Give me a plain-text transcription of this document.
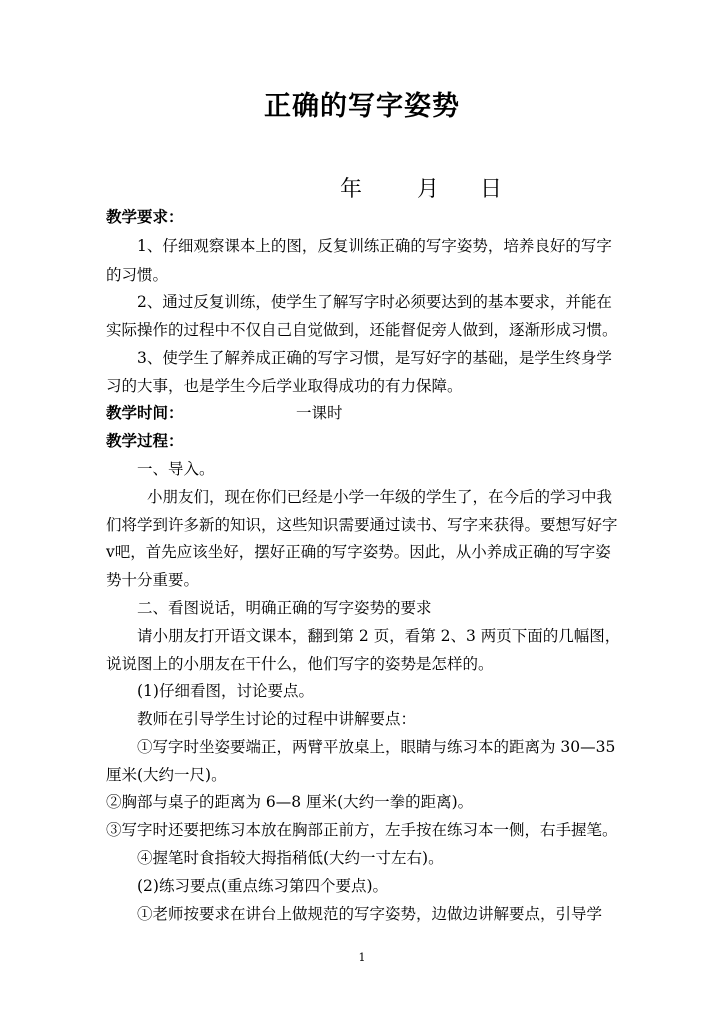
正确的写字姿势
年 月 日
教学要求：
1、仔细观察课本上的图，反复训练正确的写字姿势，培养良好的写字
的习惯。
2、通过反复训练，使学生了解写字时必须要达到的基本要求，并能在
实际操作的过程中不仅自己自觉做到，还能督促旁人做到，逐渐形成习惯。
3、使学生了解养成正确的写字习惯，是写好字的基础，是学生终身学
习的大事，也是学生今后学业取得成功的有力保障。
教学时间：	一课时
教学过程：
一、导入。
小朋友们，现在你们已经是小学一年级的学生了，在今后的学习中我
们将学到许多新的知识，这些知识需要通过读书、写字来获得。要想写好字
v吧，首先应该坐好，摆好正确的写字姿势。因此，从小养成正确的写字姿
势十分重要。
二、看图说话，明确正确的写字姿势的要求
请小朋友打开语文课本，翻到第 2 页，看第 2、3 两页下面的几幅图，
说说图上的小朋友在干什么，他们写字的姿势是怎样的。
(1)仔细看图，讨论要点。
教师在引导学生讨论的过程中讲解要点：
①写字时坐姿要端正，两臂平放桌上，眼睛与练习本的距离为 30—35
厘米(大约一尺)。
②胸部与桌子的距离为 6—8 厘米(大约一拳的距离)。
③写字时还要把练习本放在胸部正前方，左手按在练习本一侧，右手握笔。
④握笔时食指较大拇指稍低(大约一寸左右)。
(2)练习要点(重点练习第四个要点)。
①老师按要求在讲台上做规范的写字姿势，边做边讲解要点，引导学
1
